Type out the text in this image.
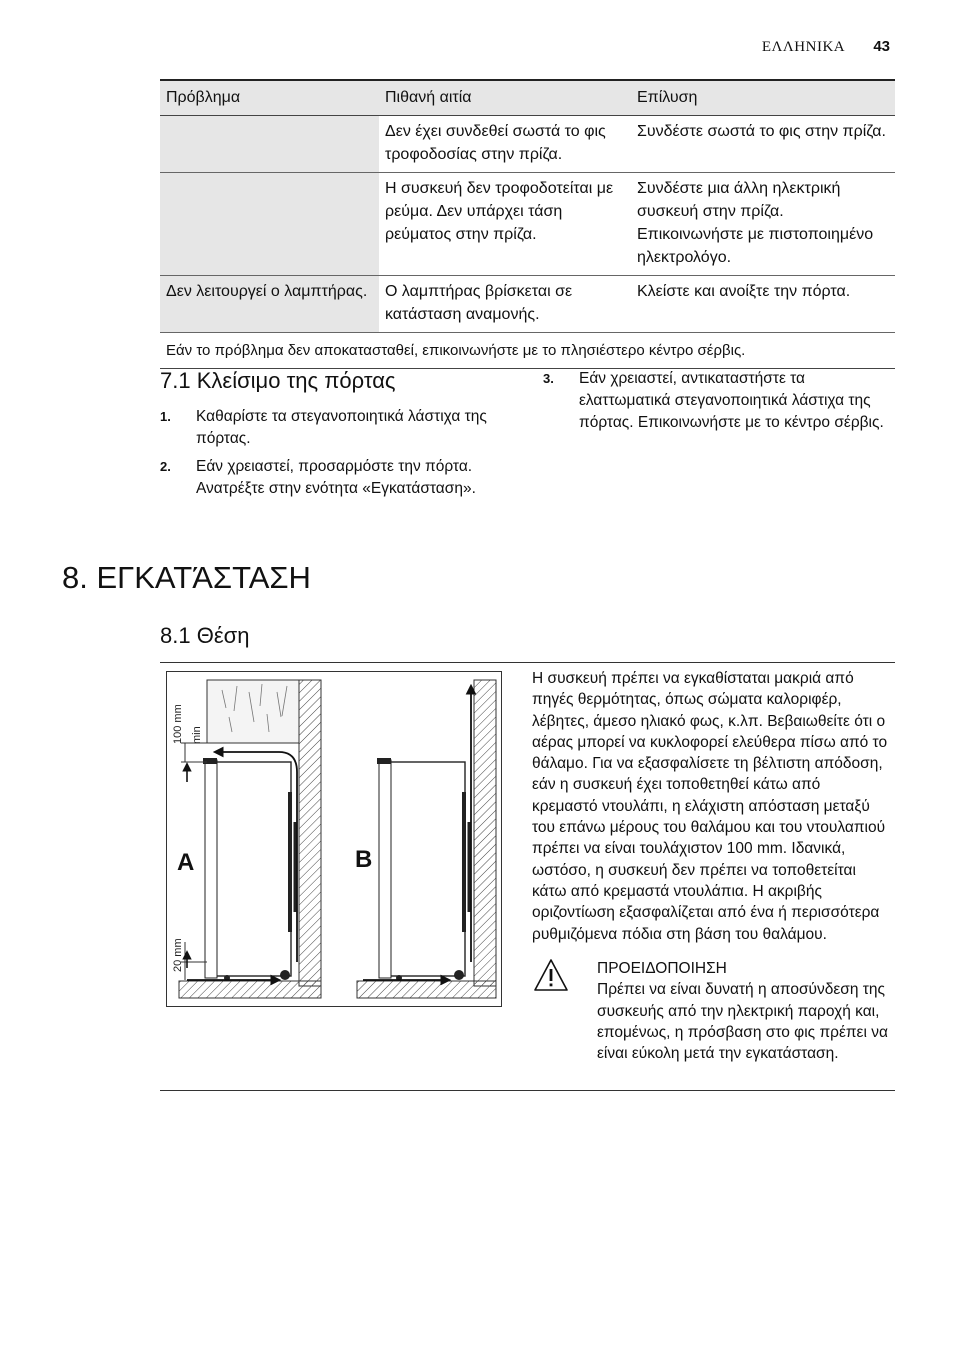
ΕΛΛΗΝΙΚΑ 43
Πρόβλημα	Πιθανή αιτία	Επίλυση
	Δεν έχει συνδεθεί σωστά το φις τροφοδοσίας στην πρίζα.	Συνδέστε σωστά το φις στην πρίζα.
	Η συσκευή δεν τροφοδοτείται με ρεύμα. Δεν υπάρχει τάση ρεύματος στην πρίζα.	Συνδέστε μια άλλη ηλεκτρική συσκευή στην πρίζα. Επικοινωνήστε με πιστοποιημένο ηλεκτρολόγο.
Δεν λειτουργεί ο λαμπτήρας.	Ο λαμπτήρας βρίσκεται σε κατάσταση αναμονής.	Κλείστε και ανοίξτε την πόρτα.
Εάν το πρόβλημα δεν αποκατασταθεί, επικοινωνήστε με το πλησιέστερο κέντρο σέρβις.		
7.1 Κλείσιμο της πόρτας
1. Καθαρίστε τα στεγανοποιητικά λάστιχα της πόρτας.
2. Εάν χρειαστεί, προσαρμόστε την πόρτα. Ανατρέξτε στην ενότητα «Εγκατάσταση».
3. Εάν χρειαστεί, αντικαταστήστε τα ελαττωματικά στεγανοποιητικά λάστιχα της πόρτας. Επικοινωνήστε με το κέντρο σέρβις.
8. ΕΓΚΑΤΆΣΤΑΣΗ
8.1 Θέση
100 mm min
20 mm
A	B
Η συσκευή πρέπει να εγκαθίσταται μακριά από πηγές θερμότητας, όπως σώματα καλοριφέρ, λέβητες, άμεσο ηλιακό φως, κ.λπ. Βεβαιωθείτε ότι ο αέρας μπορεί να κυκλοφορεί ελεύθερα πίσω από το θάλαμο. Για να εξασφαλίσετε τη βέλτιστη απόδοση, εάν η συσκευή έχει τοποθετηθεί κάτω από κρεμαστό ντουλάπι, η ελάχιστη απόσταση μεταξύ του επάνω μέρους του θαλάμου και του ντουλαπιού πρέπει να είναι τουλάχιστον 100 mm. Ιδανικά, ωστόσο, η συσκευή δεν πρέπει να τοποθετείται κάτω από κρεμαστά ντουλάπια. Η ακριβής οριζοντίωση εξασφαλίζεται από ένα ή περισσότερα ρυθμιζόμενα πόδια στη βάση του θαλάμου.
ΠΡΟΕΙΔΟΠΟΙΗΣΗ
Πρέπει να είναι δυνατή η αποσύνδεση της συσκευής από την ηλεκτρική παροχή και, επομένως, η πρόσβαση στο φις πρέπει να είναι εύκολη μετά την εγκατάσταση.
